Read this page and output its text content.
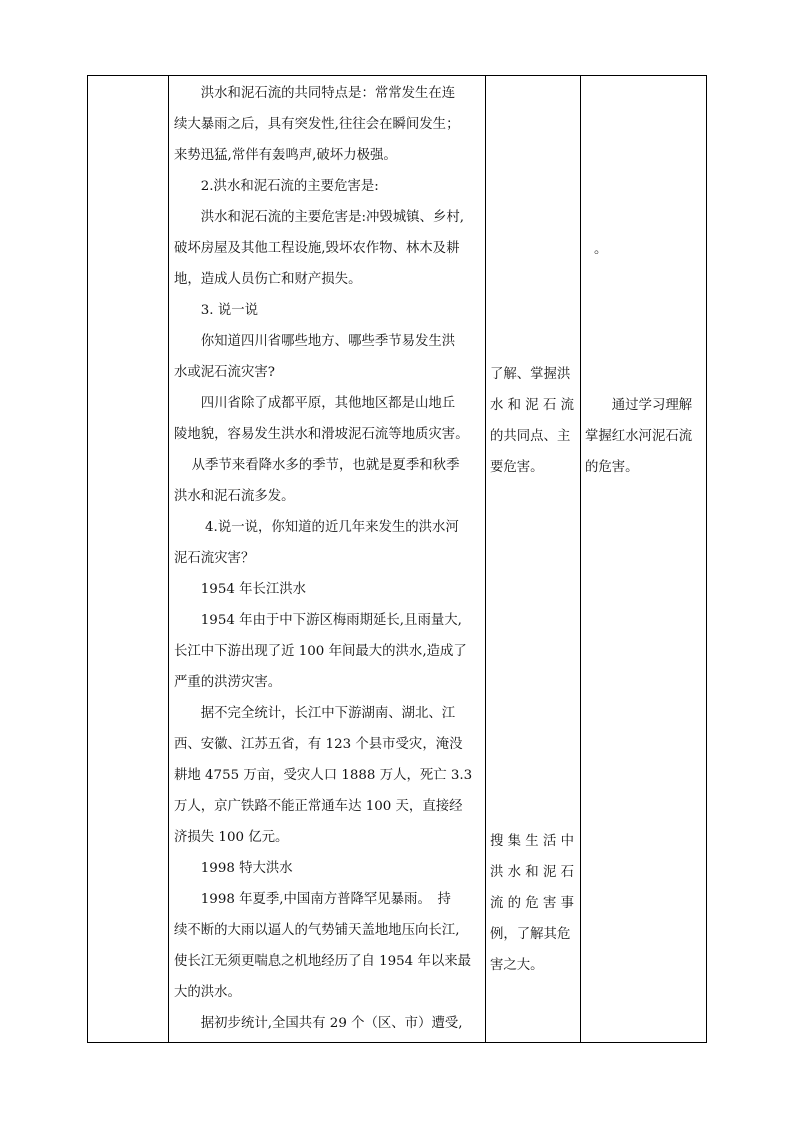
　　洪水和泥石流的共同特点是：常常发生在连

续大暴雨之后，具有突发性,往往会在瞬间发生；

来势迅猛,常伴有轰鸣声,破坏力极强。

　　2.洪水和泥石流的主要危害是:

　　洪水和泥石流的主要危害是:冲毁城镇、乡村,

破坏房屋及其他工程设施,毁坏农作物、林木及耕

地，造成人员伤亡和财产损失。

　　3. 说一说

　　你知道四川省哪些地方、哪些季节易发生洪

水或泥石流灾害?

　　四川省除了成都平原，其他地区都是山地丘

陵地貌，容易发生洪水和滑坡泥石流等地质灾害。

　 从季节来看降水多的季节，也就是夏季和秋季

洪水和泥石流多发。

　　 4.说一说，你知道的近几年来发生的洪水河

泥石流灾害？

　　1954 年长江洪水

　　1954 年由于中下游区梅雨期延长,且雨量大,

长江中下游出现了近 100 年间最大的洪水,造成了

严重的洪涝灾害。

　　据不完全统计，长江中下游湖南、湖北、江

西、安徽、江苏五省，有 123 个县市受灾，淹没

耕地 4755 万亩，受灾人口 1888 万人，死亡 3.3

万人，京广铁路不能正常通车达 100 天，直接经

济损失 100 亿元。

　　1998 特大洪水

　　1998 年夏季,中国南方普降罕见暴雨。　持

续不断的大雨以逼人的气势铺天盖地地压向长江,

使长江无须更喘息之机地经历了自 1954 年以来最

大的洪水。

　　据初步统计,全国共有 29 个（区、市）遭受,

了解、掌握洪

水 和 泥 石 流

的共同点、主

要危害。

搜 集 生 活 中

洪 水 和 泥 石

流 的 危 害 事

例，了解其危

害之大。

。

　　通过学习理解

掌握红水河泥石流

的危害。
